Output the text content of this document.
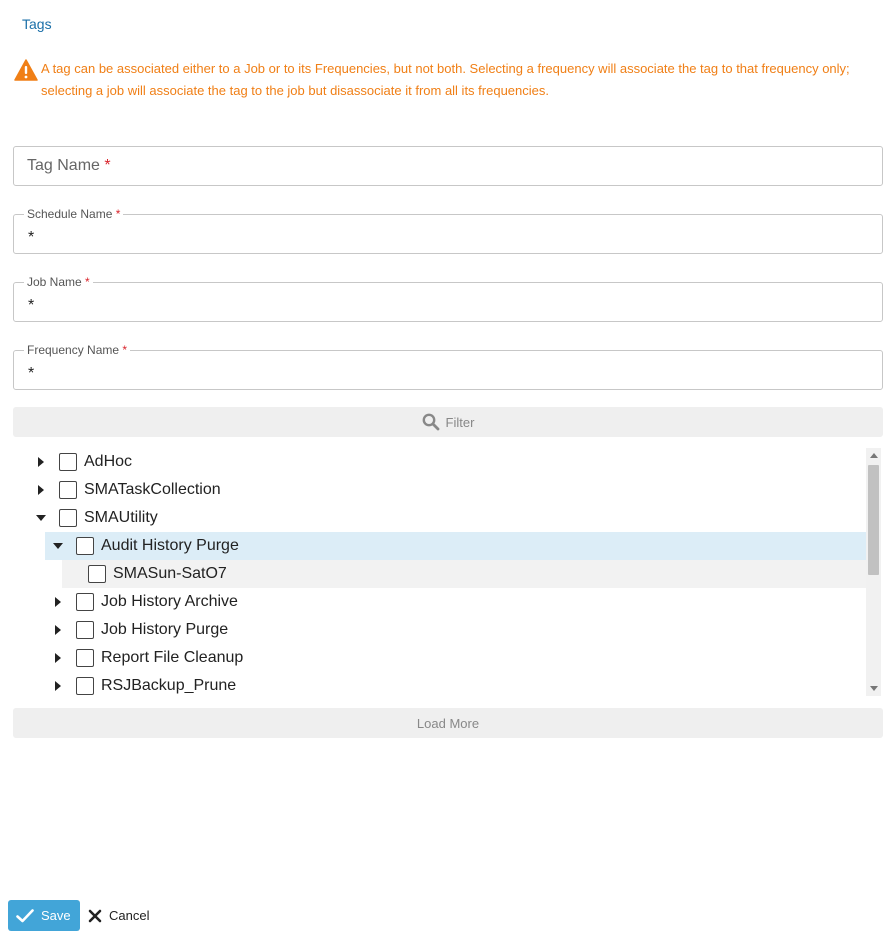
Tags
A tag can be associated either to a Job or to its Frequencies, but not both. Selecting a frequency will associate the tag to that frequency only; selecting a job will associate the tag to the job but disassociate it from all its frequencies.
Tag Name *
Schedule Name *
*
Job Name *
*
Frequency Name *
*
Filter
AdHoc
SMATaskCollection
SMAUtility
Audit History Purge
SMASun-SatO7
Job History Archive
Job History Purge
Report File Cleanup
RSJBackup_Prune
Load More
Save	Cancel
